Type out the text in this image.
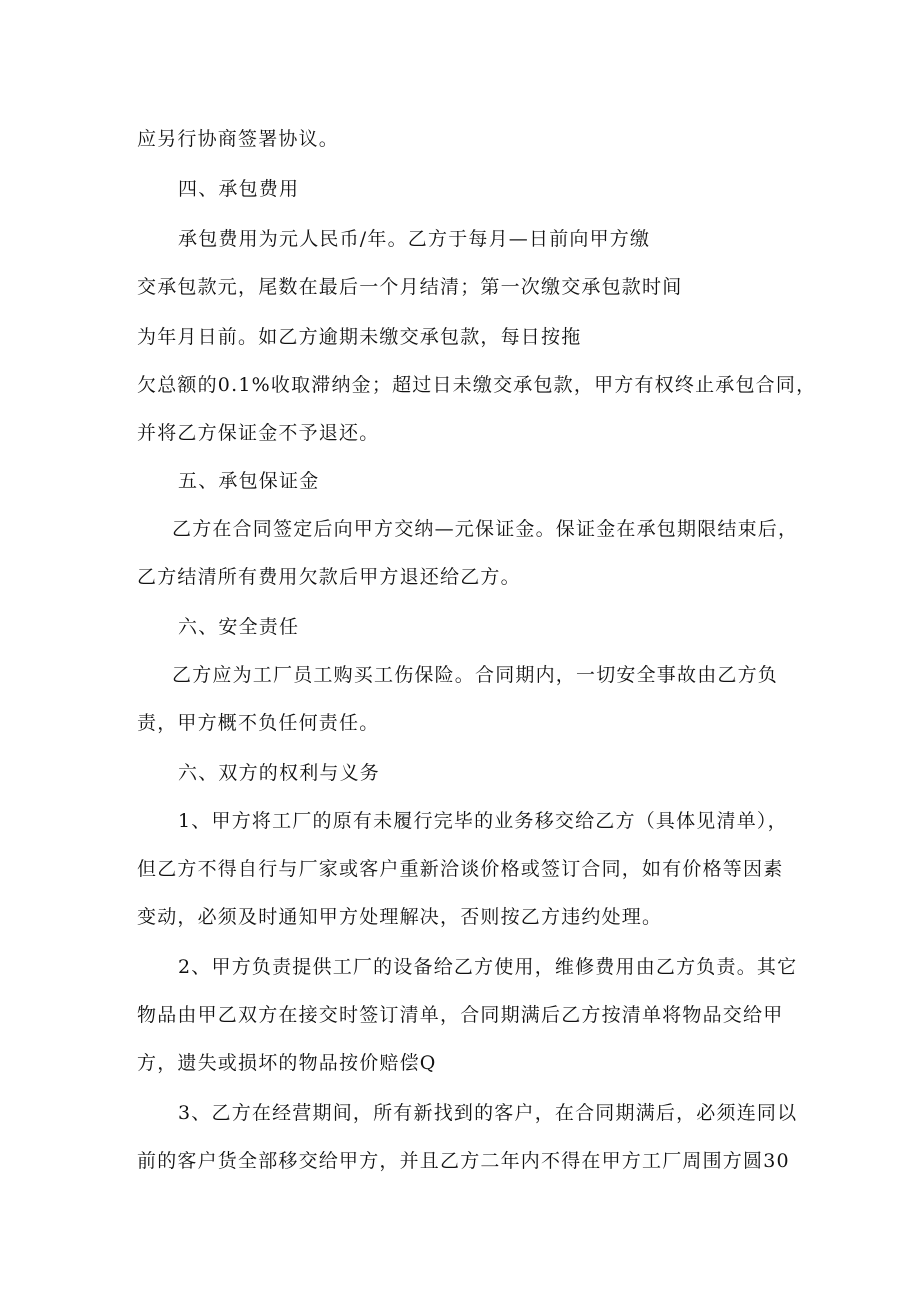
应另行协商签署协议。
四、承包费用
承包费用为元人民币/年。乙方于每月—日前向甲方缴
交承包款元，尾数在最后一个月结清；第一次缴交承包款时间
为年月日前。如乙方逾期未缴交承包款，每日按拖
欠总额的0.1%收取滞纳金；超过日未缴交承包款，甲方有权终止承包合同，
并将乙方保证金不予退还。
五、承包保证金
乙方在合同签定后向甲方交纳—元保证金。保证金在承包期限结束后，
乙方结清所有费用欠款后甲方退还给乙方。
六、安全责任
乙方应为工厂员工购买工伤保险。合同期内，一切安全事故由乙方负
责，甲方概不负任何责任。
六、双方的权利与义务
1、甲方将工厂的原有未履行完毕的业务移交给乙方（具体见清单），
但乙方不得自行与厂家或客户重新洽谈价格或签订合同，如有价格等因素
变动，必须及时通知甲方处理解决，否则按乙方违约处理。
2、甲方负责提供工厂的设备给乙方使用，维修费用由乙方负责。其它
物品由甲乙双方在接交时签订清单，合同期满后乙方按清单将物品交给甲
方，遗失或损坏的物品按价赔偿Q
3、乙方在经营期间，所有新找到的客户，在合同期满后，必须连同以
前的客户货全部移交给甲方，并且乙方二年内不得在甲方工厂周围方圆30
